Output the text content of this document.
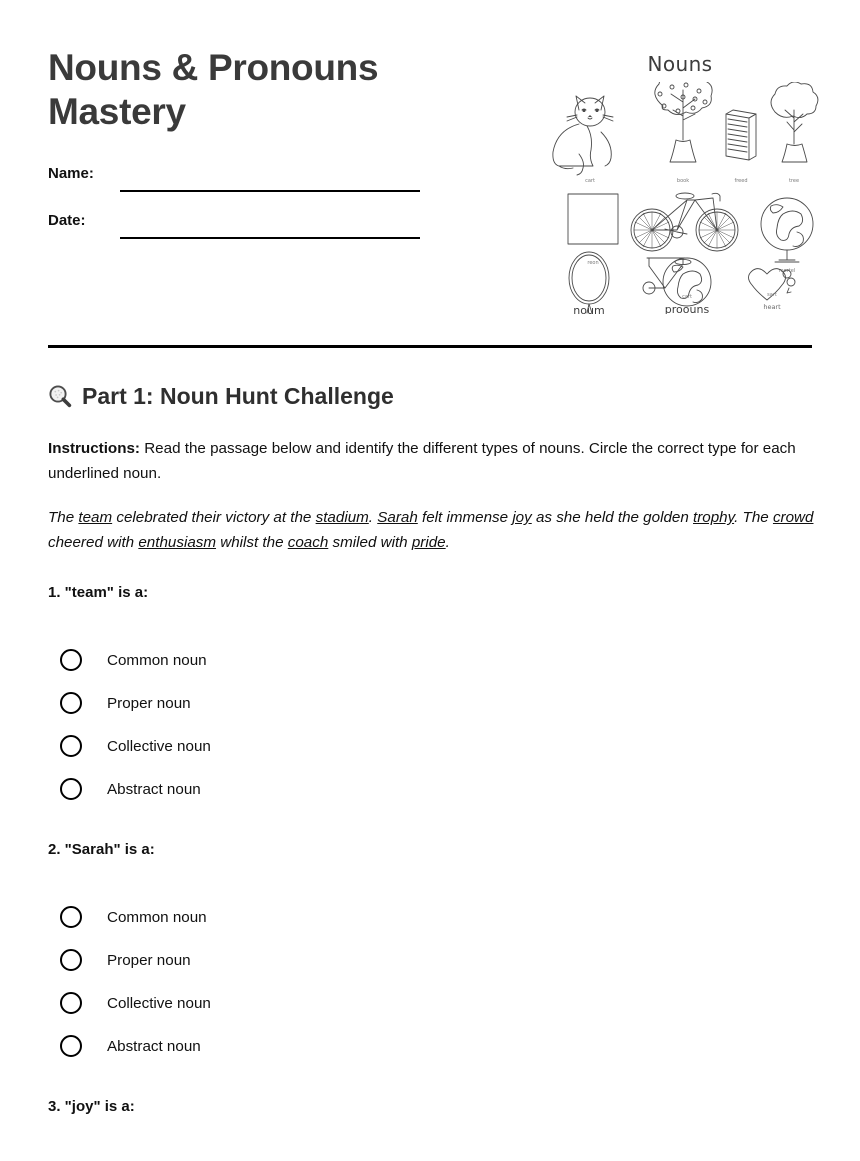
Nouns & Pronouns Mastery
Name:
Date:
Nouns
cart	book	freed	tree
reon
mortel
noum
cart
proouns
sart
heart
Part 1: Noun Hunt Challenge

Instructions: Read the passage below and identify the different types of nouns. Circle the correct type for each underlined noun.

The team celebrated their victory at the stadium. Sarah felt immense joy as she held the golden trophy. The crowd cheered with enthusiasm whilst the coach smiled with pride.

1. "team" is a:
Common noun
Proper noun
Collective noun
Abstract noun
2. "Sarah" is a:
Common noun
Proper noun
Collective noun
Abstract noun
3. "joy" is a:
